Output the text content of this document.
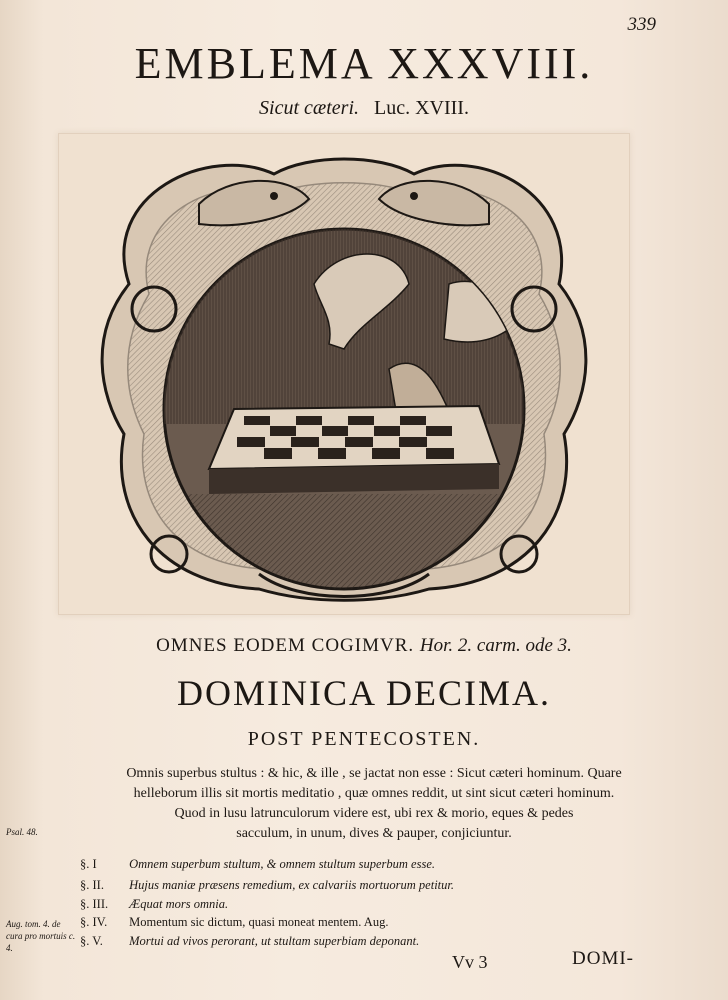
339
EMBLEMA XXXVIII.
Sicut cæteri. Luc. XVIII.
OMNES EODEM COGIMVR. Hor. 2. carm. ode 3.
DOMINICA DECIMA.
POST PENTECOSTEN.
Omnis superbus stultus : & hic, & ille , se jactat non esse : Sicut cæteri hominum. Quare
helleborum illis sit mortis meditatio , quæ omnes reddit, ut sint sicut cæteri hominum.
Quod in lusu latrunculorum videre est, ubi rex & morio, eques & pedes
sacculum, in unum, dives & pauper, conjiciuntur.
§. I	Omnem superbum stultum, & omnem stultum superbum esse.
§. II. Hujus maniæ præsens remedium, ex calvariis mortuorum petitur.
§. III. Æquat mors omnia.
§. IV. Momentum sic dictum, quasi moneat mentem. Aug.
§. V. Mortui ad vivos perorant, ut stultam superbiam deponant.
Psal. 48.
Aug. tom. 4. de cura pro mortuis c. 4.
Vv 3	DOMI-
